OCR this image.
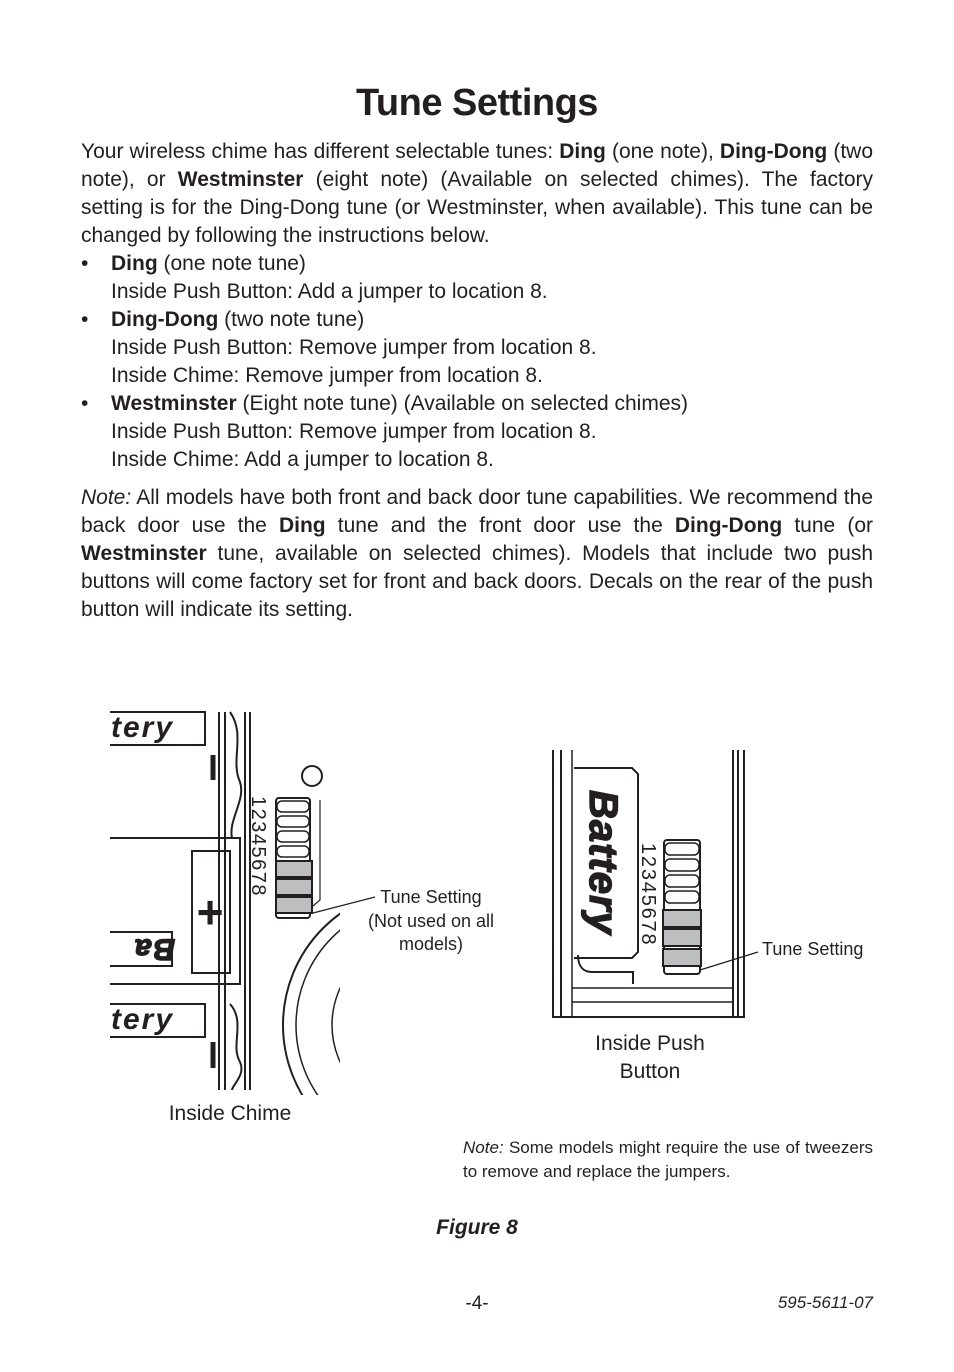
Tune Settings
Your wireless chime has different selectable tunes: Ding (one note), Ding-Dong (two note), or Westminster (eight note) (Available on selected chimes). The factory setting is for the Ding-Dong tune (or Westminster, when available). This tune can be changed by following the instructions below.
• Ding (one note tune)
Inside Push Button: Add a jumper to location 8.
• Ding-Dong (two note tune)
Inside Push Button: Remove jumper from location 8.
Inside Chime: Remove jumper from location 8.
• Westminster (Eight note tune) (Available on selected chimes)
Inside Push Button: Remove jumper from location 8.
Inside Chime: Add a jumper to location 8.
Note: All models have both front and back door tune capabilities. We recommend the back door use the Ding tune and the front door use the Ding-Dong tune (or Westminster tune, available on selected chimes). Models that include two push buttons will come factory set for front and back doors. Decals on the rear of the push button will indicate its setting.
+
tery
Ba
tery
12345678
Tune Setting
(Not used on all
models)
Inside Chime
Battery 12345678
Tune Setting
Inside Push
Button
Note: Some models might require the use of tweezers to remove and replace the jumpers.
Figure 8
-4-	595-5611-07
